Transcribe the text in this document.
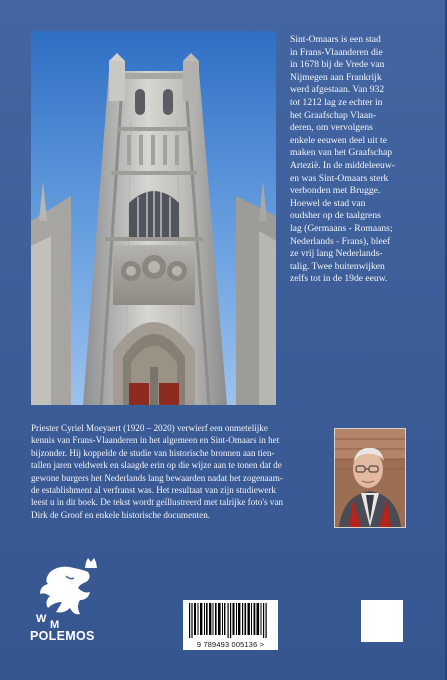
Sint-Omaars is een stad
in Frans-Vlaanderen die
in 1678 bij de Vrede van
Nijmegen aan Frankrijk
werd afgestaan. Van 932
tot 1212 lag ze echter in
het Graafschap Vlaan-
deren, om vervolgens
enkele eeuwen deel uit te
maken van het Graafschap
Artezië. In de middeleeuw-
en was Sint-Omaars sterk
verbonden met Brugge.
Hoewel de stad van
oudsher op de taalgrens
lag (Germaans - Romaans;
Nederlands - Frans), bleef
ze vrij lang Nederlands-
talig. Twee buitenwijken
zelfs tot in de 19de eeuw.
Priester Cyriel Moeyaert (1920 – 2020) verwierf een onmetelijke
kennis van Frans-Vlaanderen in het algemeen en Sint-Omaars in het
bijzonder. Hij koppelde de studie van historische bronnen aan tien-
tallen jaren veldwerk en slaagde erin op die wijze aan te tonen dat de
gewone burgers het Nederlands lang bewaarden nadat het zogenaam-
de establishment al verfranst was. Het resultaat van zijn studiewerk
leest u in dit boek. De tekst wordt geïllustreerd met talrijke foto's van
Dirk de Groof en enkele historische documenten.
W M
POLEMOS
9 789493 005136 >
